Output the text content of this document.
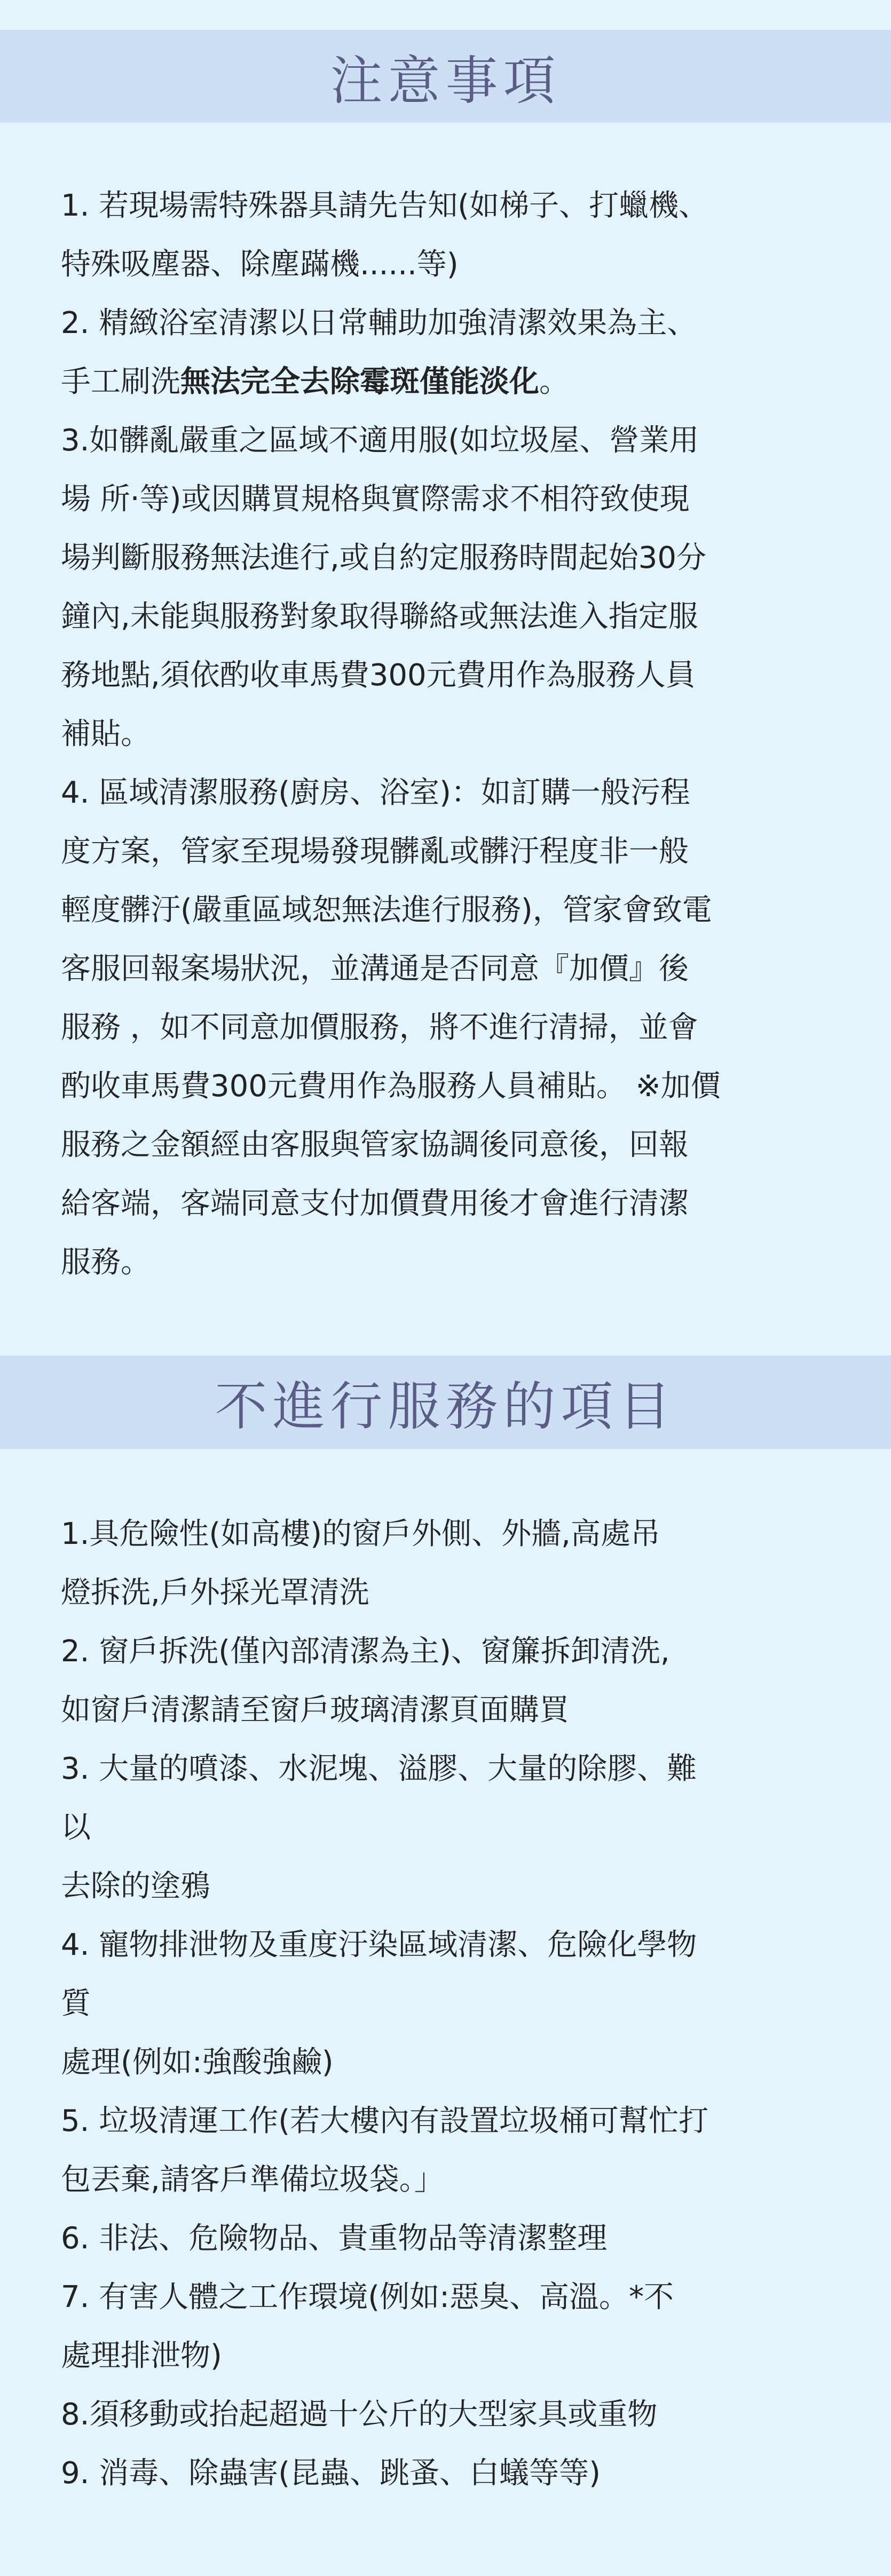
注意事項

1. 若現場需特殊器具請先告知(如梯子、打蠟機、
特殊吸塵器、除塵蹣機......等)

2. 精緻浴室清潔以日常輔助加強清潔效果為主、
手工刷洗無法完全去除霉斑僅能淡化。

3.如髒亂嚴重之區域不適用服(如垃圾屋、營業用
場 所‧等)或因購買規格與實際需求不相符致使現
場判斷服務無法進行,或自約定服務時間起始30分
鐘內,未能與服務對象取得聯絡或無法進入指定服
務地點,須依酌收車馬費300元費用作為服務人員
補貼。

4. 區域清潔服務(廚房、浴室)：如訂購一般污程
度方案，管家至現場發現髒亂或髒汙程度非一般
輕度髒汙(嚴重區域恕無法進行服務)，管家會致電
客服回報案場狀況，並溝通是否同意『加價』後
服務 ，如不同意加價服務，將不進行清掃，並會
酌收車馬費300元費用作為服務人員補貼。 ※加價
服務之金額經由客服與管家協調後同意後，回報
給客端，客端同意支付加價費用後才會進行清潔
服務。

不進行服務的項目

1.具危險性(如高樓)的窗戶外側、外牆,高處吊
燈拆洗,戶外採光罩清洗

2. 窗戶拆洗(僅內部清潔為主)、窗簾拆卸清洗,
如窗戶清潔請至窗戶玻璃清潔頁面購買

3. 大量的噴漆、水泥塊、溢膠、大量的除膠、難
以
去除的塗鴉

4. 寵物排泄物及重度汙染區域清潔、危險化學物
質
處理(例如:強酸強鹼)

5. 垃圾清運工作(若大樓內有設置垃圾桶可幫忙打
包丟棄,請客戶準備垃圾袋。」

6. 非法、危險物品、貴重物品等清潔整理

7. 有害人體之工作環境(例如:惡臭、高溫。*不
處理排泄物)

8.須移動或抬起超過十公斤的大型家具或重物

9. 消毒、除蟲害(昆蟲、跳蚤、白蟻等等)
